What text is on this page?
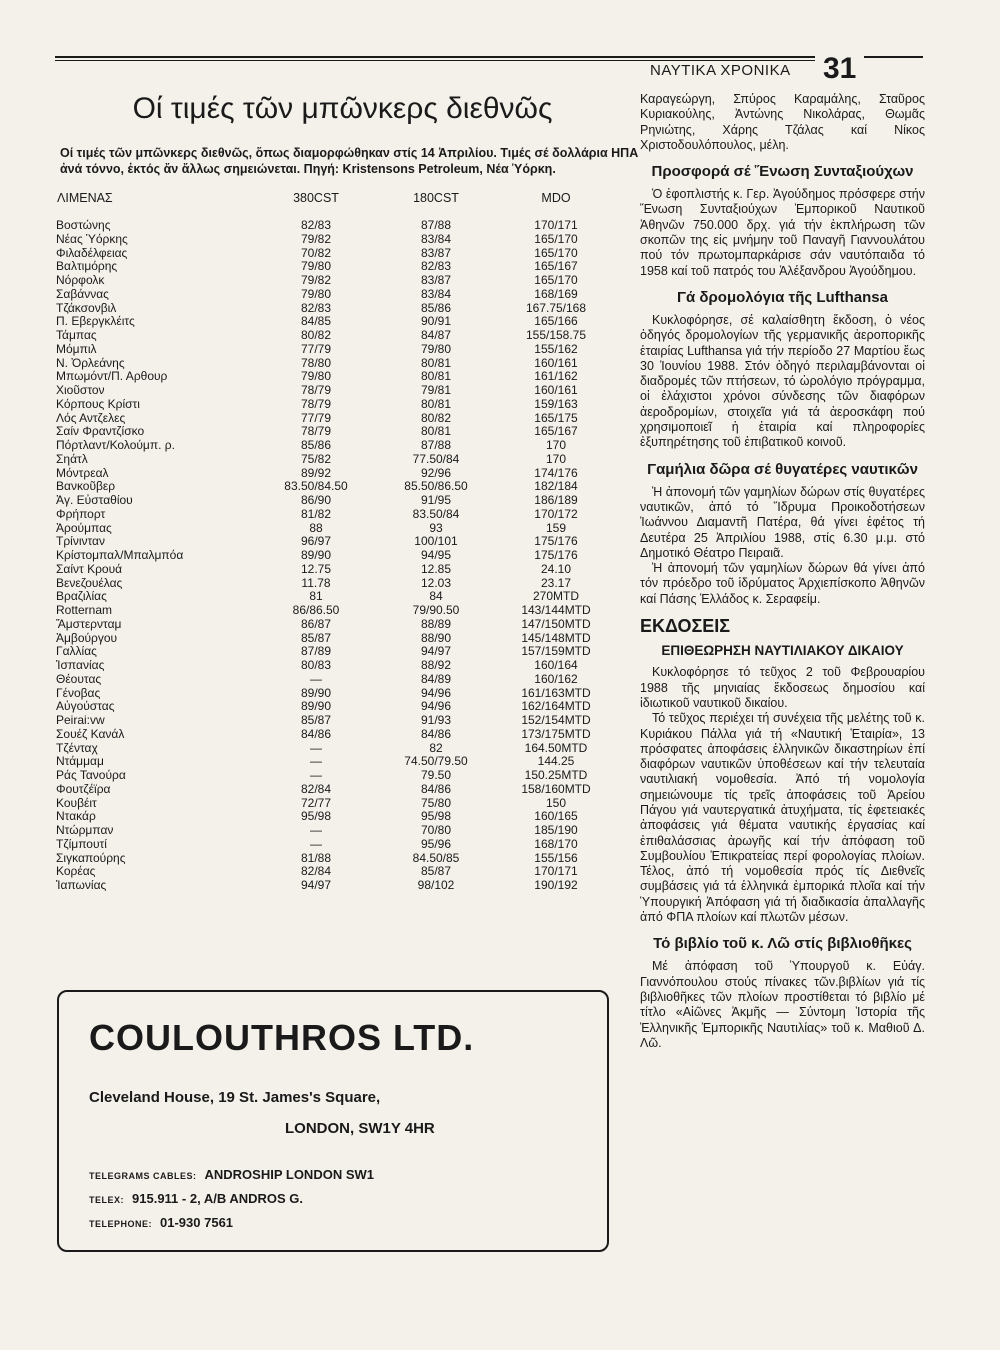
ΝΑΥΤΙΚΑ ΧΡΟΝΙΚΑ 31
Οί τιμές τῶν μπῶνκερς διεθνῶς
Οί τιμές τῶν μπῶνκερς διεθνῶς, ὅπως διαμορφώθηκαν στίς 14 Ἀπριλίου. Τιμές σέ δολλάρια ΗΠΑ ἀνά τόννο, ἐκτός ἄν ἄλλως σημειώνεται. Πηγή: Kristensons Petroleum, Νέα Ὑόρκη.
ΛΙΜΕΝΑΣ	380CST	180CST	MDO
Βοστώνης	82/83	87/88	170/171
Νέας Ὑόρκης	79/82	83/84	165/170
Φιλαδέλφειας	70/82	83/87	165/170
Βαλτιμόρης	79/80	82/83	165/167
Νόρφολκ	79/82	83/87	165/170
Σαβάννας	79/80	83/84	168/169
Τζάκσονβιλ	82/83	85/86	167.75/168
Π. Εβεργκλέιτς	84/85	90/91	165/166
Τάμπας	80/82	84/87	155/158.75
Μόμπιλ	77/79	79/80	155/162
Ν. Ὀρλεάνης	78/80	80/81	160/161
Μπωμόντ/Π. Αρθουρ	79/80	80/81	161/162
Χιοῦστον	78/79	79/81	160/161
Κόρπους Κρίστι	78/79	80/81	159/163
Λός Αντζελες	77/79	80/82	165/175
Σαίν Φραντζίσκο	78/79	80/81	165/167
Πόρτλαντ/Κολούμπ. ρ.	85/86	87/88	170
Σηάτλ	75/82	77.50/84	170
Μόντρεαλ	89/92	92/96	174/176
Βανκοῦβερ	83.50/84.50	85.50/86.50	182/184
Ἁγ. Εὐσταθίου	86/90	91/95	186/189
Φρήπορτ	81/82	83.50/84	170/172
Ἀρούμπας	88	93	159
Τρίνινταν	96/97	100/101	175/176
Κρίστομπαλ/Μπαλμπόα	89/90	94/95	175/176
Σαίντ Κρουά	12.75	12.85	24.10
Βενεζουέλας	11.78	12.03	23.17
Βραζιλίας	81	84	270MTD
Rotternam	86/86.50	79/90.50	143/144MTD
Ἄμστερνταμ	86/87	88/89	147/150MTD
Ἀμβούργου	85/87	88/90	145/148MTD
Γαλλίας	87/89	94/97	157/159MTD
Ἰσπανίας	80/83	88/92	160/164
Θέουτας	—	84/89	160/162
Γένοβας	89/90	94/96	161/163MTD
Αὐγούστας	89/90	94/96	162/164MTD
Peirai:vw	85/87	91/93	152/154MTD
Σουέζ Κανάλ	84/86	84/86	173/175MTD
Τζένταχ	—	82	164.50MTD
Ντάμμαμ	—	74.50/79.50	144.25
Ράς Τανούρα	—	79.50	150.25MTD
Φουτζέϊρα	82/84	84/86	158/160MTD
Κουβέιτ	72/77	75/80	150
Ντακάρ	95/98	95/98	160/165
Ντώρμπαν	—	70/80	185/190
Τζίμπουτί	—	95/96	168/170
Σιγκαπούρης	81/88	84.50/85	155/156
Κορέας	82/84	85/87	170/171
Ἰαπωνίας	94/97	98/102	190/192
COULOUTHROS LTD.
Cleveland House, 19 St. James's Square,
LONDON, SW1Y 4HR
TELEGRAMS CABLES: ANDROSHIP LONDON SW1
TELEX: 915.911 - 2, A/B ANDROS G.
TELEPHONE: 01-930 7561

Καραγεώργη, Σπύρος Καραμάλης, Σταῦρος Κυριακούλης, Ἀντώνης Νικολάρας, Θωμᾶς Ρηνιώτης, Χάρης Τζάλας καί Νίκος Χριστοδουλόπουλος, μέλη.

Προσφορά σέ Ἕνωση Συνταξιούχων

Ὁ ἐφοπλιστής κ. Γερ. Ἀγούδημος πρόσφερε στήν Ἕνωση Συνταξιούχων Ἐμπορικοῦ Ναυτικοῦ Ἀθηνῶν 750.000 δρχ. γιά τήν ἐκπλήρωση τῶν σκοπῶν της εἰς μνήμην τοῦ Παναγῆ Γιαννουλάτου πού τόν πρωτομπαρκάρισε σάν ναυτόπαιδα τό 1958 καί τοῦ πατρός του Ἀλέξανδρου Ἀγούδημου.

Γά δρομολόγια τῆς Lufthansa

Κυκλοφόρησε, σέ καλαίσθητη ἔκδοση, ὁ νέος ὁδηγός δρομολογίων τῆς γερμανικῆς ἀεροπορικῆς ἑταιρίας Lufthansa γιά τήν περίοδο 27 Μαρτίου ἕως 30 Ἰουνίου 1988. Στόν ὁδηγό περιλαμβάνονται οἱ διαδρομές τῶν πτήσεων, τό ὡρολόγιο πρόγραμμα, οἱ ἐλάχιστοι χρόνοι σύνδεσης τῶν διαφόρων ἀεροδρομίων, στοιχεῖα γιά τά ἀεροσκάφη πού χρησιμοποιεῖ ἡ ἑταιρία καί πληροφορίες ἐξυπηρέτησης τοῦ ἐπιβατικοῦ κοινοῦ.

Γαμήλια δῶρα σέ θυγατέρες ναυτικῶν

Ἡ ἀπονομή τῶν γαμηλίων δώρων στίς θυγατέρες ναυτικῶν, ἀπό τό Ἵδρυμα Προικοδοτήσεων Ἰωάννου Διαμαντῆ Πατέρα, θά γίνει ἐφέτος τή Δευτέρα 25 Ἀπριλίου 1988, στίς 6.30 μ.μ. στό Δημοτικό Θέατρο Πειραιᾶ.

Ἡ ἀπονομή τῶν γαμηλίων δώρων θά γίνει ἀπό τόν πρόεδρο τοῦ ἱδρύματος Ἀρχιεπίσκοπο Ἀθηνῶν καί Πάσης Ἑλλάδος κ. Σεραφείμ.

ΕΚΔΟΣΕΙΣ
ΕΠΙΘΕΩΡΗΣΗ ΝΑΥΤΙΛΙΑΚΟΥ ΔΙΚΑΙΟΥ

Κυκλοφόρησε τό τεῦχος 2 τοῦ Φεβρουαρίου 1988 τῆς μηνιαίας ἔκδοσεως δημοσίου καί ἰδιωτικοῦ ναυτικοῦ δικαίου.

Τό τεῦχος περιέχει τή συνέχεια τῆς μελέτης τοῦ κ. Κυριάκου Πάλλα γιά τή «Ναυτική Ἑταιρία», 13 πρόσφατες ἀποφάσεις ἑλληνικῶν δικαστηρίων ἐπί διαφόρων ναυτικῶν ὑποθέσεων καί τήν τελευταία ναυτιλιακή νομοθεσία. Ἀπό τή νομολογία σημειώνουμε τίς τρεῖς ἀποφάσεις τοῦ Ἀρείου Πάγου γιά ναυτεργατικά ἀτυχήματα, τίς ἐφετειακές ἀποφάσεις γιά θέματα ναυτικής ἐργασίας καί ἐπιθαλάσσιας ἀρωγῆς καί τήν ἀπόφαση τοῦ Συμβουλίου Ἐπικρατείας περί φορολογίας πλοίων. Τέλος, ἀπό τή νομοθεσία πρός τίς Διεθνεῖς συμβάσεις γιά τά ἑλληνικά ἐμπορικά πλοῖα καί τήν Ὑπουργική Ἀπόφαση γιά τή διαδικασία ἀπαλλαγῆς ἀπό ΦΠΑ πλοίων καί πλωτῶν μέσων.

Τό βιβλίο τοῦ κ. Λῶ στίς βιβλιοθῆκες

Μέ ἀπόφαση τοῦ Ὑπουργοῦ κ. Εὐάγ. Γιαννόπουλου στούς πίνακες τῶν.βιβλίων γιά τίς βιβλιοθῆκες τῶν πλοίων προστίθεται τό βιβλίο μέ τίτλο «Αἰῶνες Ἀκμῆς — Σύντομη Ἱστορία τῆς Ἑλληνικῆς Ἐμπορικῆς Ναυτιλίας» τοῦ κ. Μαθιοῦ Δ. Λῶ.
